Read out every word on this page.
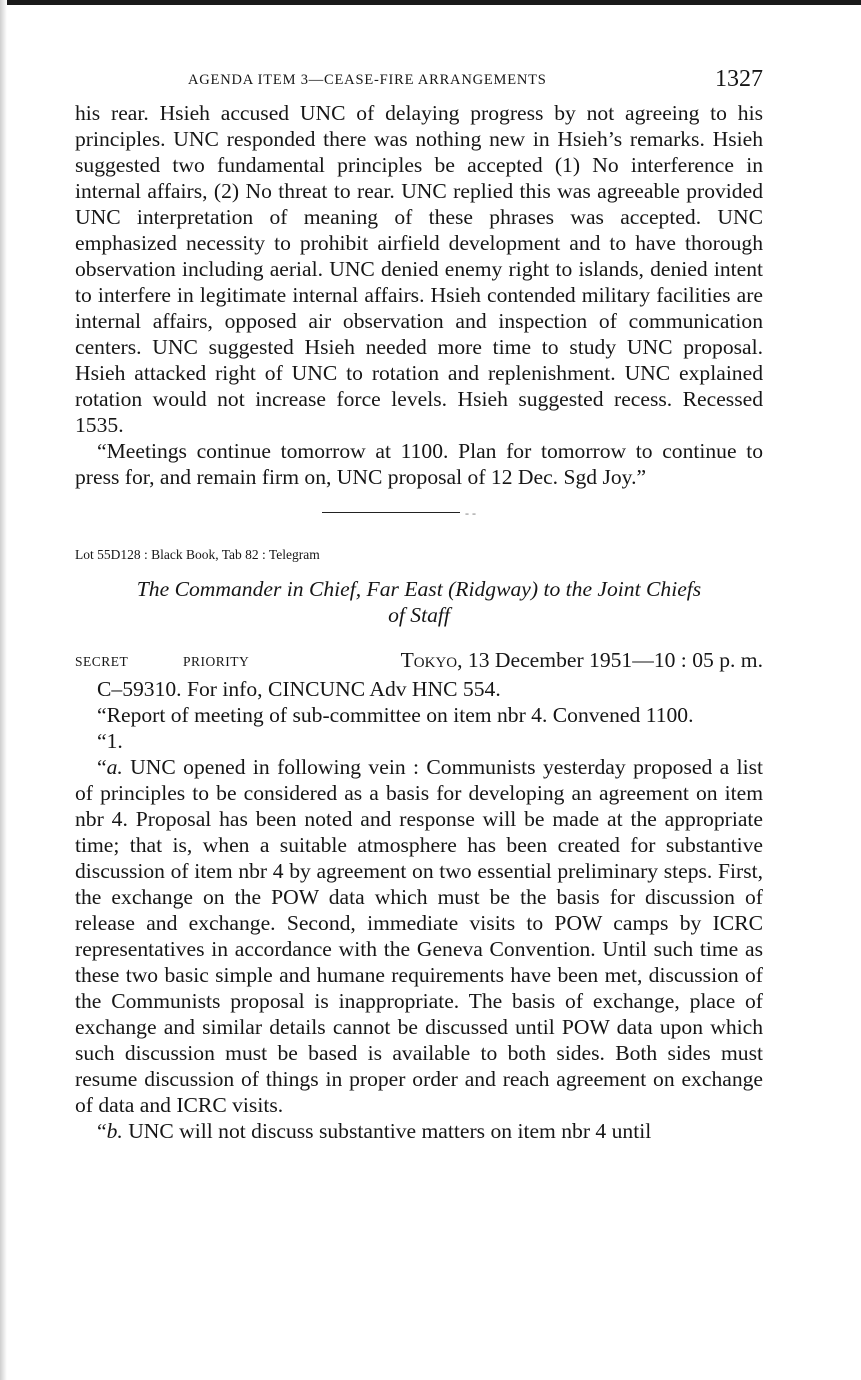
AGENDA ITEM 3—CEASE-FIRE ARRANGEMENTS	1327

his rear. Hsieh accused UNC of delaying progress by not agreeing to his principles. UNC responded there was nothing new in Hsieh’s remarks. Hsieh suggested two fundamental principles be accepted (1) No interference in internal affairs, (2) No threat to rear. UNC replied this was agreeable provided UNC interpretation of meaning of these phrases was accepted. UNC emphasized necessity to prohibit airfield development and to have thorough observation including aerial. UNC denied enemy right to islands, denied intent to interfere in legitimate internal affairs. Hsieh contended military facilities are internal affairs, opposed air observation and inspection of communication centers. UNC suggested Hsieh needed more time to study UNC proposal. Hsieh attacked right of UNC to rotation and replenishment. UNC explained rotation would not increase force levels. Hsieh suggested recess. Recessed 1535.

“Meetings continue tomorrow at 1100. Plan for tomorrow to continue to press for, and remain firm on, UNC proposal of 12 Dec. Sgd Joy.”

--

Lot 55D128 : Black Book, Tab 82 : Telegram

The Commander in Chief, Far East (Ridgway) to the Joint Chiefs
of Staff
SECRET	PRIORITY	Tokyo, 13 December 1951—10 : 05 p. m.

C–59310. For info, CINCUNC Adv HNC 554.

“Report of meeting of sub-committee on item nbr 4. Convened 1100.

“1.

“a. UNC opened in following vein : Communists yesterday proposed a list of principles to be considered as a basis for developing an agreement on item nbr 4. Proposal has been noted and response will be made at the appropriate time; that is, when a suitable atmosphere has been created for substantive discussion of item nbr 4 by agreement on two essential preliminary steps. First, the exchange on the POW data which must be the basis for discussion of release and exchange. Second, immediate visits to POW camps by ICRC representatives in accordance with the Geneva Convention. Until such time as these two basic simple and humane requirements have been met, discussion of the Communists proposal is inappropriate. The basis of exchange, place of exchange and similar details cannot be discussed until POW data upon which such discussion must be based is available to both sides. Both sides must resume discussion of things in proper order and reach agreement on exchange of data and ICRC visits.

“b. UNC will not discuss substantive matters on item nbr 4 until
